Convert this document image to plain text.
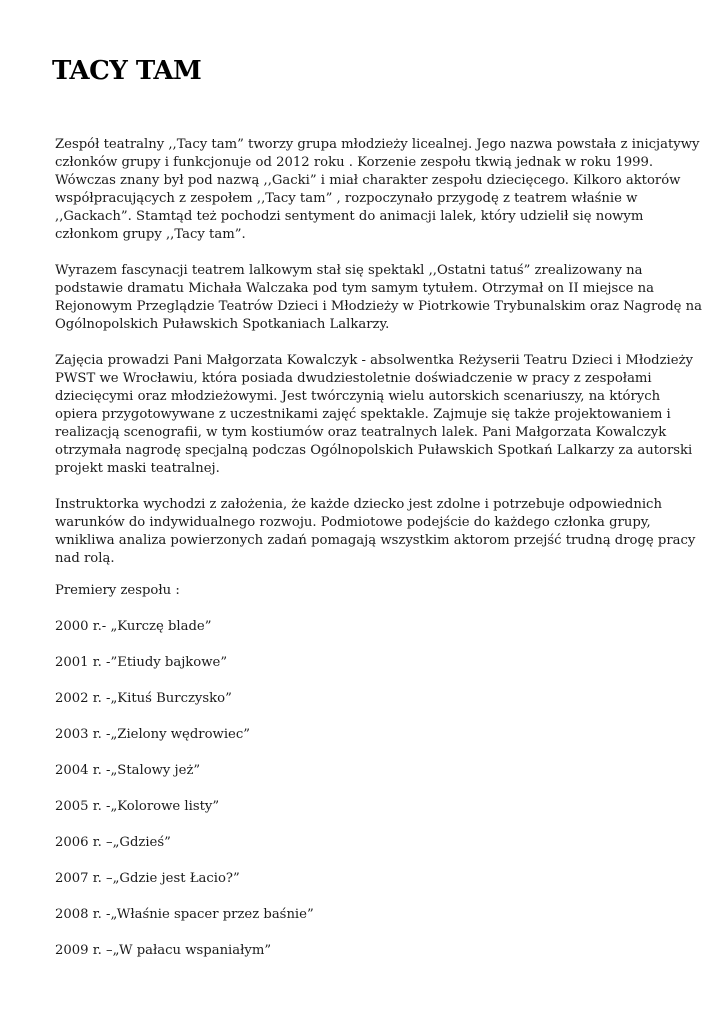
TACY TAM

Zespół teatralny ,,Tacy tam” tworzy grupa młodzieży licealnej. Jego nazwa powstała z inicjatywy członków grupy i funkcjonuje od 2012 roku . Korzenie zespołu tkwią jednak w roku 1999. Wówczas znany był pod nazwą ,,Gacki” i miał charakter zespołu dziecięcego. Kilkoro aktorów współpracujących z zespołem ,,Tacy tam” , rozpoczynało przygodę z teatrem właśnie w ,,Gackach”. Stamtąd też pochodzi sentyment do animacji lalek, który udzielił się nowym członkom grupy ,,Tacy tam”.

Wyrazem fascynacji teatrem lalkowym stał się spektakl ,,Ostatni tatuś” zrealizowany na podstawie dramatu Michała Walczaka pod tym samym tytułem. Otrzymał on II miejsce na Rejonowym Przeglądzie Teatrów Dzieci i Młodzieży w Piotrkowie Trybunalskim oraz Nagrodę na Ogólnopolskich Puławskich Spotkaniach Lalkarzy.

Zajęcia prowadzi Pani Małgorzata Kowalczyk - absolwentka Reżyserii Teatru Dzieci i Młodzieży PWST we Wrocławiu, która posiada dwudziestoletnie doświadczenie w pracy z zespołami dziecięcymi oraz młodzieżowymi. Jest twórczynią wielu autorskich scenariuszy, na których opiera przygotowywane z uczestnikami zajęć spektakle. Zajmuje się także projektowaniem i realizacją scenografii, w tym kostiumów oraz teatralnych lalek. Pani Małgorzata Kowalczyk otrzymała nagrodę specjalną podczas Ogólnopolskich Puławskich Spotkań Lalkarzy za autorski projekt maski teatralnej.

Instruktorka wychodzi z założenia, że każde dziecko jest zdolne i potrzebuje odpowiednich warunków do indywidualnego rozwoju. Podmiotowe podejście do każdego członka grupy, wnikliwa analiza powierzonych zadań pomagają wszystkim aktorom przejść trudną drogę pracy nad rolą.

Premiery zespołu :
2000 r.- „Kurczę blade”
2001 r. -”Etiudy bajkowe”
2002 r. -„Kituś Burczysko”
2003 r. -„Zielony wędrowiec”
2004 r. -„Stalowy jeż”
2005 r. -„Kolorowe listy”
2006 r. –„Gdzieś”
2007 r. –„Gdzie jest Łacio?”
2008 r. -„Właśnie spacer przez baśnie”
2009 r. –„W pałacu wspaniałym”
